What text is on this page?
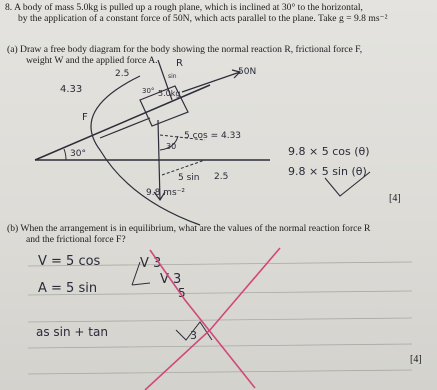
8. A body of mass 5.0kg is pulled up a rough plane, which is inclined at 30° to the horizontal,
by the application of a constant force of 50N, which acts parallel to the plane. Take g = 9.8 ms⁻²
(a) Draw a free body diagram for the body showing the normal reaction R, frictional force F,
weight W and the applied force A.
[4]
(b) When the arrangement is in equilibrium, what are the values of the normal reaction force R
and the frictional force F?
[4]
R
F
50N
5.0kg
30°
30
30°
4.33
2.5	sin
5 cos = 4.33
5 sin 2.5
9.8 ms⁻²
9.8 × 5 cos (θ)
9.8 × 5 sin (θ)
V = 5 cos
A = 5 sin
V 3
V 3
5
as sin + tan	3
